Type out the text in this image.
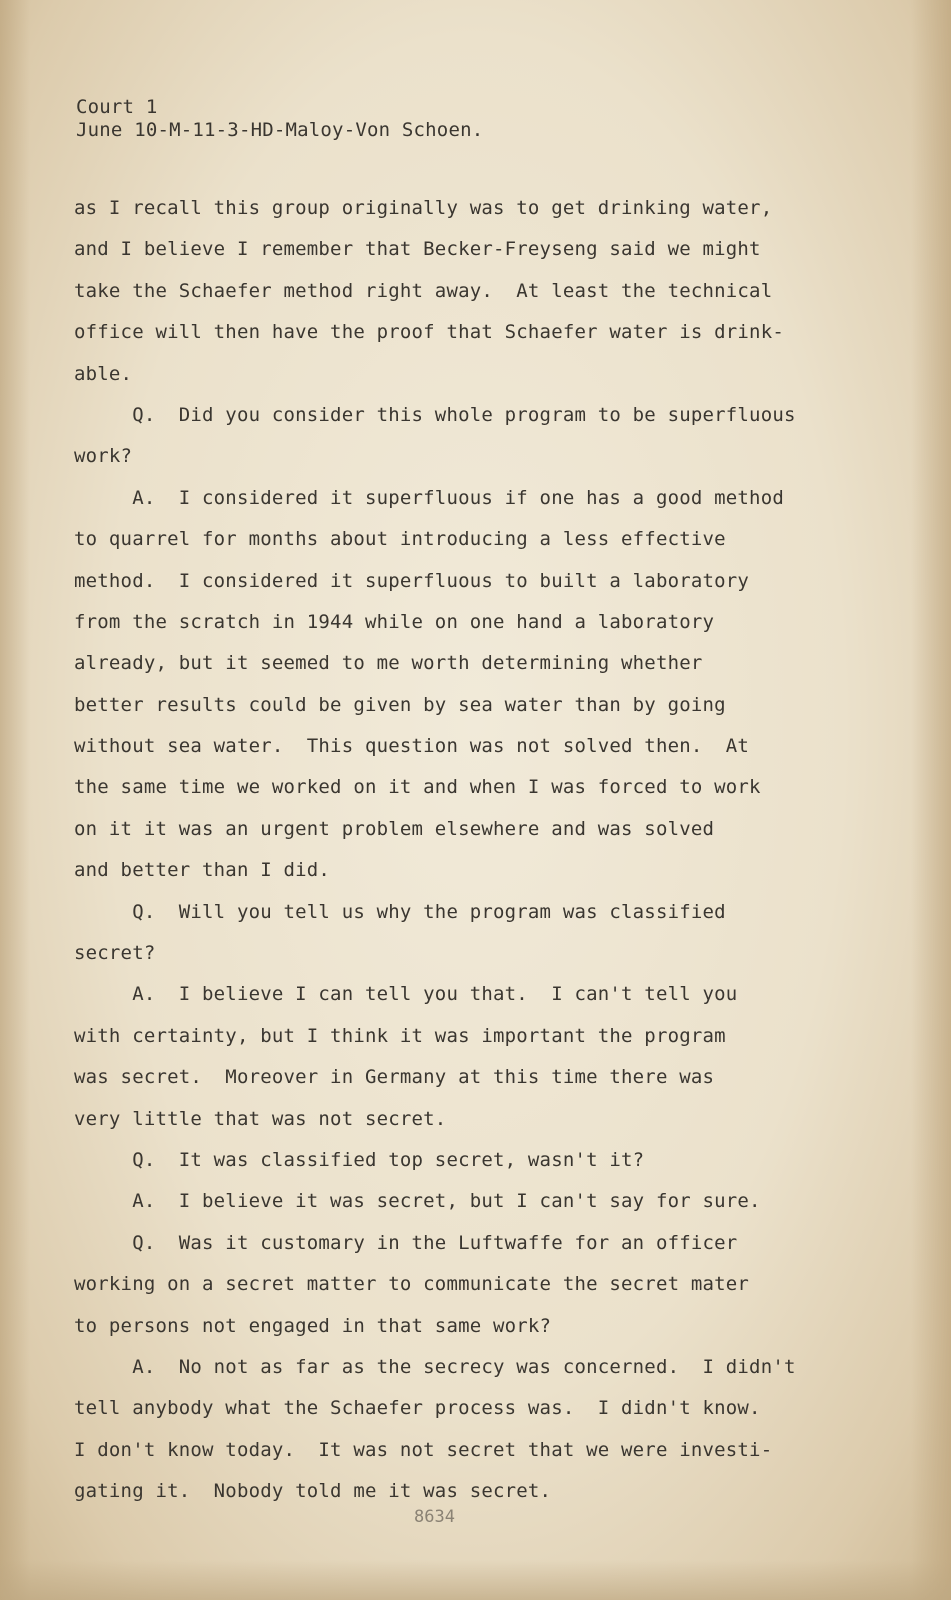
Court 1
June 10-M-11-3-HD-Maloy-Von Schoen.
as I recall this group originally was to get drinking water,
and I believe I remember that Becker-Freyseng said we might
take the Schaefer method right away.  At least the technical
office will then have the proof that Schaefer water is drink-
able.
Q.  Did you consider this whole program to be superfluous
work?
A.  I considered it superfluous if one has a good method
to quarrel for months about introducing a less effective
method.  I considered it superfluous to built a laboratory
from the scratch in 1944 while on one hand a laboratory
already, but it seemed to me worth determining whether
better results could be given by sea water than by going
without sea water.  This question was not solved then.  At
the same time we worked on it and when I was forced to work
on it it was an urgent problem elsewhere and was solved
and better than I did.
Q.  Will you tell us why the program was classified
secret?
A.  I believe I can tell you that.  I can't tell you
with certainty, but I think it was important the program
was secret.  Moreover in Germany at this time there was
very little that was not secret.
Q.  It was classified top secret, wasn't it?
A.  I believe it was secret, but I can't say for sure.
Q.  Was it customary in the Luftwaffe for an officer
working on a secret matter to communicate the secret mater
to persons not engaged in that same work?
A.  No not as far as the secrecy was concerned.  I didn't
tell anybody what the Schaefer process was.  I didn't know.
I don't know today.  It was not secret that we were investi-
gating it.  Nobody told me it was secret.
8634
